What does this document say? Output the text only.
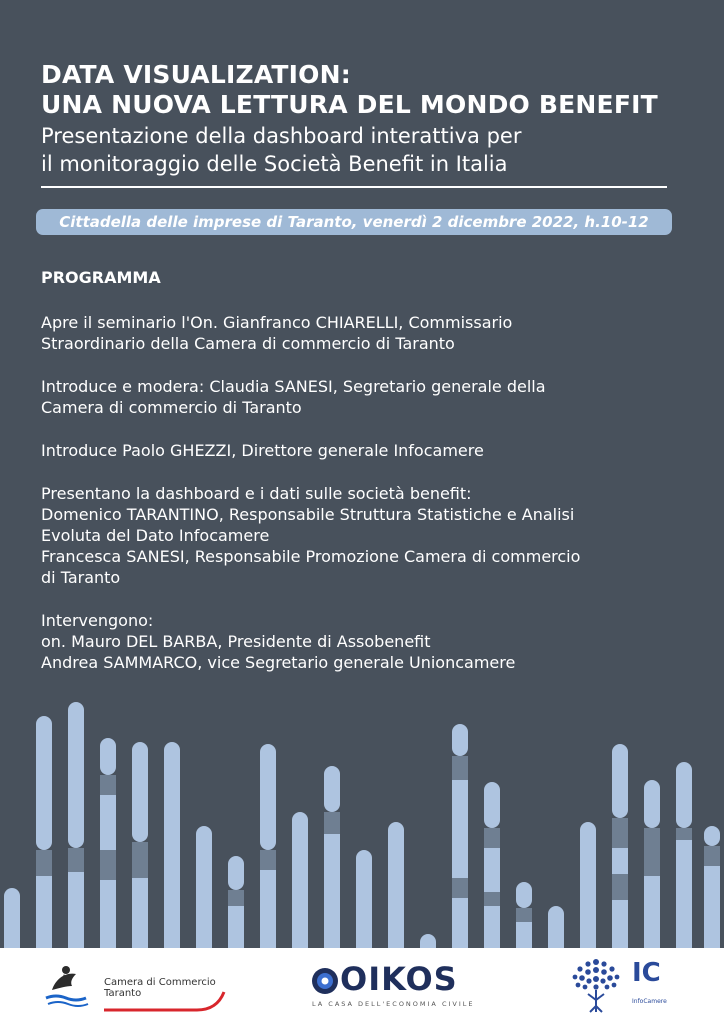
DATA VISUALIZATION:
UNA NUOVA LETTURA DEL MONDO BENEFIT
Presentazione della dashboard interattiva per
il monitoraggio delle Società Benefit in Italia
Cittadella delle imprese di Taranto, venerdì 2 dicembre 2022, h.10-12
PROGRAMMA
Apre il seminario l'On. Gianfranco CHIARELLI, Commissario
Straordinario della Camera di commercio di Taranto
Introduce e modera: Claudia SANESI, Segretario generale della
Camera di commercio di Taranto
Introduce Paolo GHEZZI, Direttore generale Infocamere
Presentano la dashboard e i dati sulle società benefit:
Domenico TARANTINO, Responsabile Struttura Statistiche e Analisi
Evoluta del Dato Infocamere
Francesca SANESI, Responsabile Promozione Camera di commercio
di Taranto
Intervengono:
on. Mauro DEL BARBA, Presidente di Assobenefit
Andrea SAMMARCO, vice Segretario generale Unioncamere
Camera di Commercio
Taranto	OIKOS
LA CASA DELL'ECONOMIA CIVILE
IC
InfoCamere
